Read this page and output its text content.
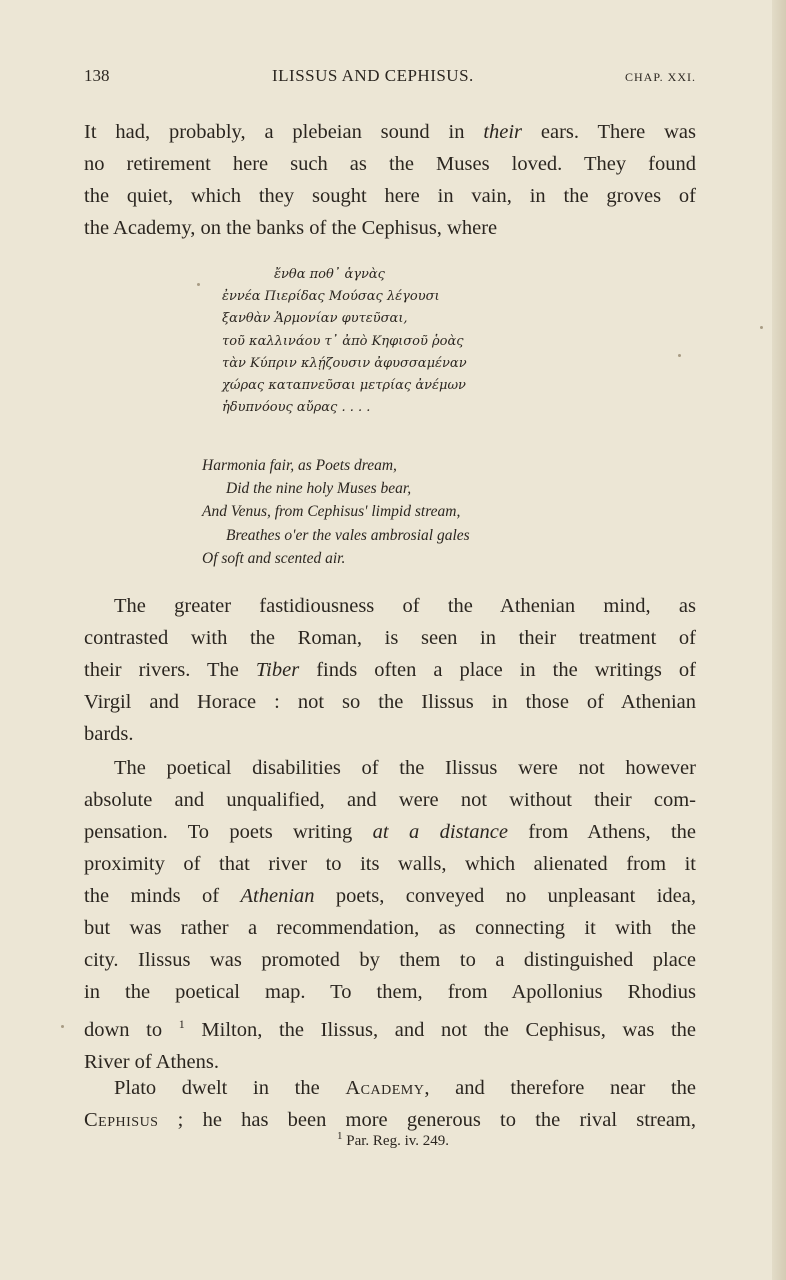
138	ILISSUS AND CEPHISUS.	CHAP. XXI.
It had, probably, a plebeian sound in their ears. There was
no retirement here such as the Muses loved. They found
the quiet, which they sought here in vain, in the groves of
the Academy, on the banks of the Cephisus, where
ἔνθα ποθ᾽ ἁγνὰς
ἐννέα Πιερίδας Μούσας λέγουσι
ξανθὰν Ἁρμονίαν φυτεῦσαι,
τοῦ καλλινάου τ᾽ ἀπὸ Κηφισοῦ ῥοὰς
τὰν Κύπριν κλῄζουσιν ἀφυσσαμέναν
χώρας καταπνεῦσαι μετρίας ἀνέμων
ἡδυπνόους αὔρας . . . .
Harmonia fair, as Poets dream,
Did the nine holy Muses bear,
And Venus, from Cephisus' limpid stream,
Breathes o'er the vales ambrosial gales
Of soft and scented air.
The greater fastidiousness of the Athenian mind, as
contrasted with the Roman, is seen in their treatment of
their rivers. The Tiber finds often a place in the writings of
Virgil and Horace : not so the Ilissus in those of Athenian
bards.
The poetical disabilities of the Ilissus were not however
absolute and unqualified, and were not without their com-
pensation. To poets writing at a distance from Athens, the
proximity of that river to its walls, which alienated from it
the minds of Athenian poets, conveyed no unpleasant idea,
but was rather a recommendation, as connecting it with the
city. Ilissus was promoted by them to a distinguished place
in the poetical map. To them, from Apollonius Rhodius
down to $^1$ Milton, the Ilissus, and not the Cephisus, was the
River of Athens.
Plato dwelt in the Academy, and therefore near the
Cephisus ; he has been more generous to the rival stream,
$^1$ Par. Reg. iv. 249.
